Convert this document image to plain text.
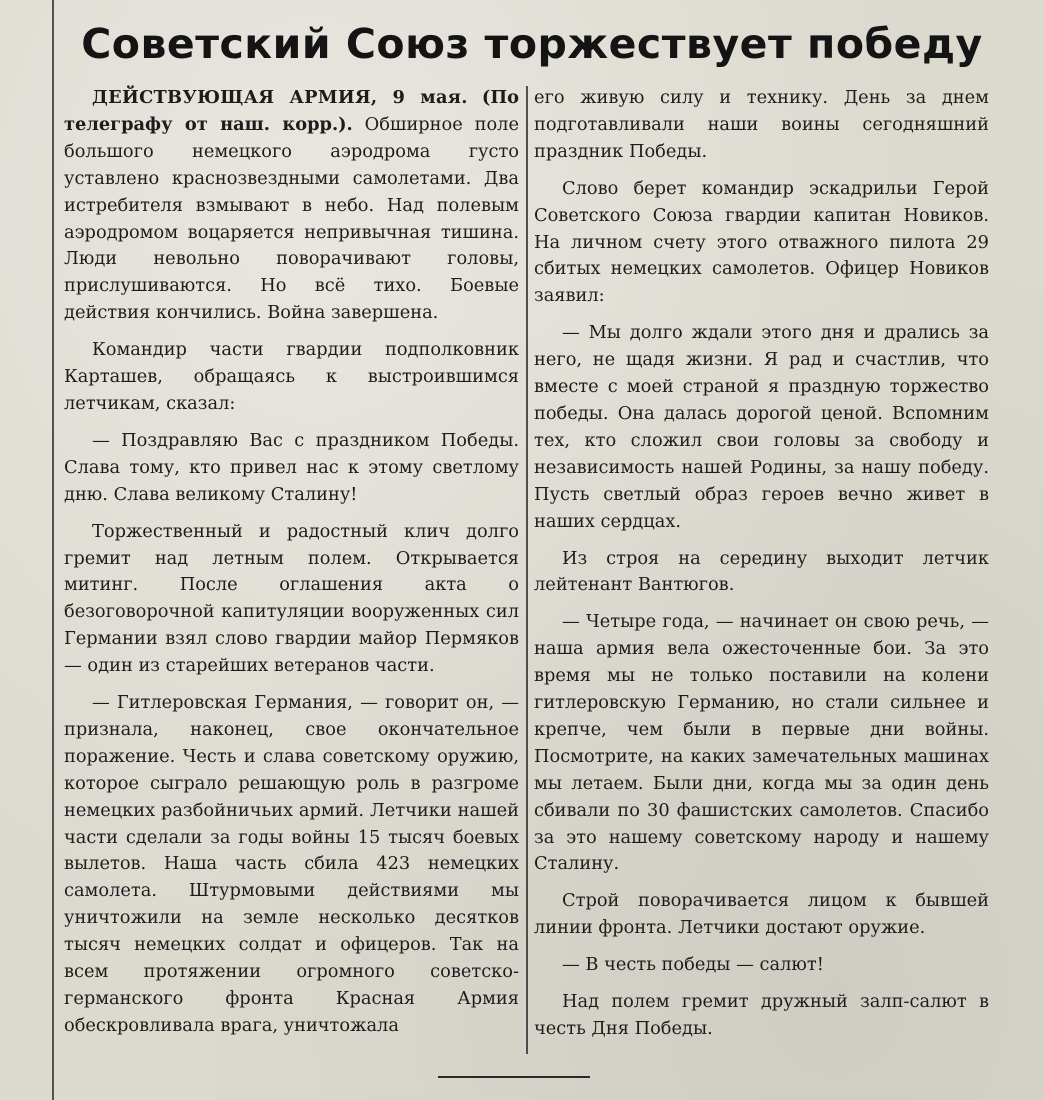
Советский Союз торжествует победу

ДЕЙСТВУЮЩАЯ АРМИЯ, 9 мая. (По телеграфу от наш. корр.). Обширное поле большого немецкого аэродрома густо уставлено краснозвездными самолетами. Два истребителя взмывают в небо. Над полевым аэродромом воцаряется непривычная тишина. Люди невольно поворачивают головы, прислушиваются. Но всё тихо. Боевые действия кончились. Война завершена.

Командир части гвардии подполковник Карташев, обращаясь к выстроившимся летчикам, сказал:

— Поздравляю Вас с праздником Победы. Слава тому, кто привел нас к этому светлому дню. Слава великому Сталину!

Торжественный и радостный клич долго гремит над летным полем. Открывается митинг. После оглашения акта о безоговорочной капитуляции вооруженных сил Германии взял слово гвардии майор Пермяков — один из старейших ветеранов части.

— Гитлеровская Германия, — говорит он, — признала, наконец, свое окончательное поражение. Честь и слава советскому оружию, которое сыграло решающую роль в разгроме немецких разбойничьих армий. Летчики нашей части сделали за годы войны 15 тысяч боевых вылетов. Наша часть сбила 423 немецких самолета. Штурмовыми действиями мы уничтожили на земле несколько десятков тысяч немецких солдат и офицеров. Так на всем протяжении огромного советско-германского фронта Красная Армия обескровливала врага, уничтожала

его живую силу и технику. День за днем подготавливали наши воины сегодняшний праздник Победы.

Слово берет командир эскадрильи Герой Советского Союза гвардии капитан Новиков. На личном счету этого отважного пилота 29 сбитых немецких самолетов. Офицер Новиков заявил:

— Мы долго ждали этого дня и дрались за него, не щадя жизни. Я рад и счастлив, что вместе с моей страной я праздную торжество победы. Она далась дорогой ценой. Вспомним тех, кто сложил свои головы за свободу и независимость нашей Родины, за нашу победу. Пусть светлый образ героев вечно живет в наших сердцах.

Из строя на середину выходит летчик лейтенант Вантюгов.

— Четыре года, — начинает он свою речь, — наша армия вела ожесточенные бои. За это время мы не только поставили на колени гитлеровскую Германию, но стали сильнее и крепче, чем были в первые дни войны. Посмотрите, на каких замечательных машинах мы летаем. Были дни, когда мы за один день сбивали по 30 фашистских самолетов. Спасибо за это нашему советскому народу и нашему Сталину.

Строй поворачивается лицом к бывшей линии фронта. Летчики достают оружие.

— В честь победы — салют!

Над полем гремит дружный залп-салют в честь Дня Победы.
